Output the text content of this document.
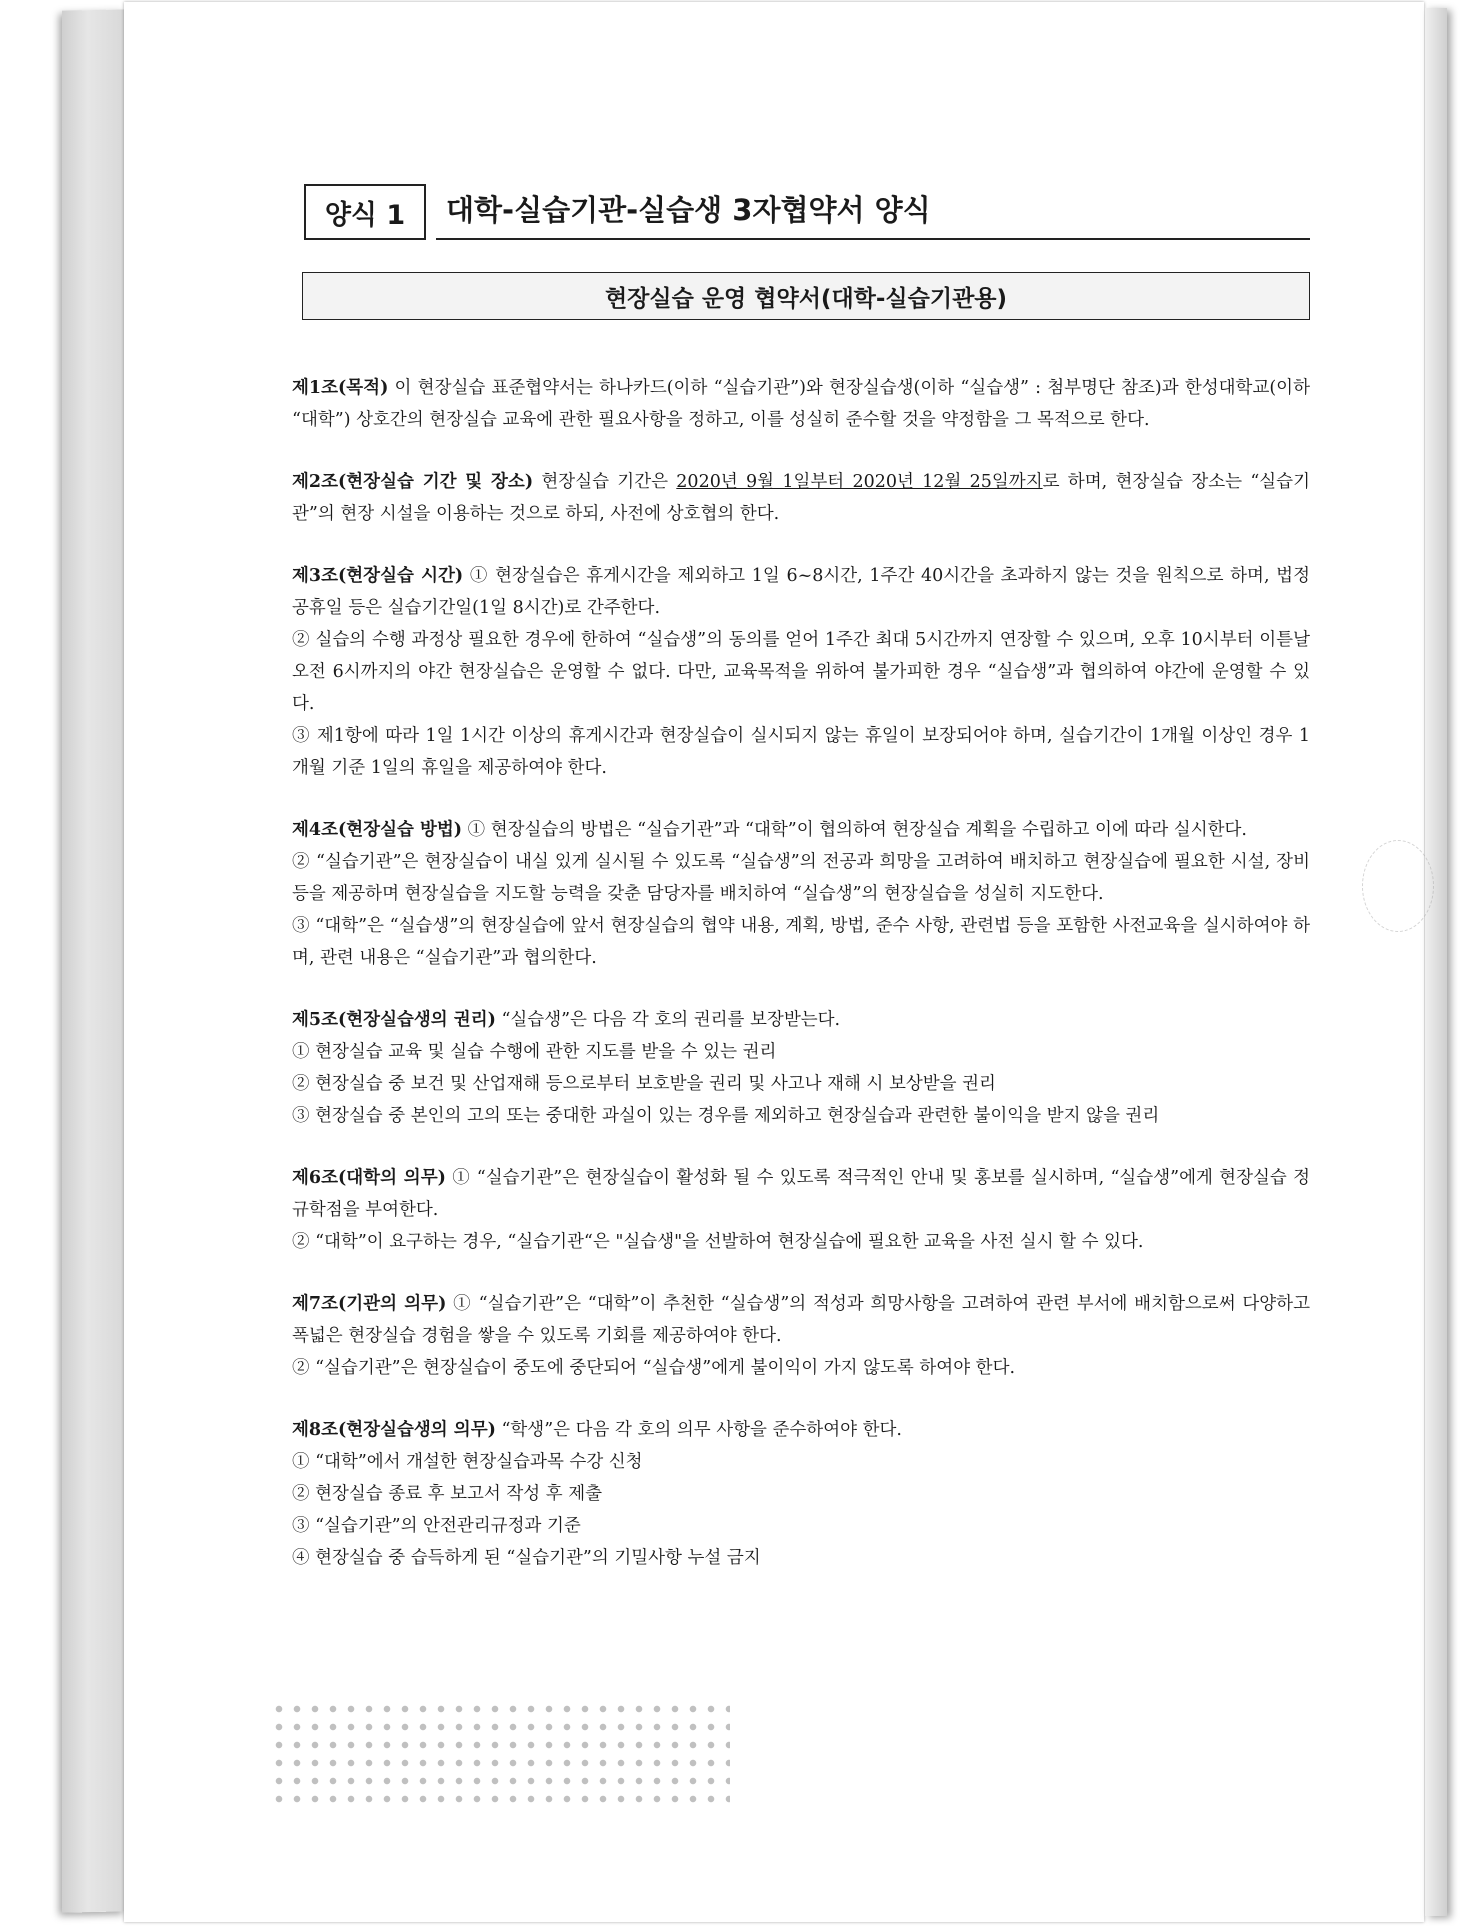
양식 1	대학-실습기관-실습생 3자협약서 양식
현장실습 운영 협약서(대학-실습기관용)

제1조(목적) 이 현장실습 표준협약서는 하나카드(이하 “실습기관”)와 현장실습생(이하 “실습생” : 첨부명단 참조)과 한성대학교(이하 “대학”) 상호간의 현장실습 교육에 관한 필요사항을 정하고, 이를 성실히 준수할 것을 약정함을 그 목적으로 한다.

제2조(현장실습 기간 및 장소) 현장실습 기간은 2020년 9월 1일부터 2020년 12월 25일까지로 하며, 현장실습 장소는 “실습기관”의 현장 시설을 이용하는 것으로 하되, 사전에 상호협의 한다.

제3조(현장실습 시간) ① 현장실습은 휴게시간을 제외하고 1일 6~8시간, 1주간 40시간을 초과하지 않는 것을 원칙으로 하며, 법정 공휴일 등은 실습기간일(1일 8시간)로 간주한다.

② 실습의 수행 과정상 필요한 경우에 한하여 “실습생”의 동의를 얻어 1주간 최대 5시간까지 연장할 수 있으며, 오후 10시부터 이튿날 오전 6시까지의 야간 현장실습은 운영할 수 없다. 다만, 교육목적을 위하여 불가피한 경우 “실습생”과 협의하여 야간에 운영할 수 있다.

③ 제1항에 따라 1일 1시간 이상의 휴게시간과 현장실습이 실시되지 않는 휴일이 보장되어야 하며, 실습기간이 1개월 이상인 경우 1개월 기준 1일의 휴일을 제공하여야 한다.

제4조(현장실습 방법) ① 현장실습의 방법은 “실습기관”과 “대학”이 협의하여 현장실습 계획을 수립하고 이에 따라 실시한다.

② “실습기관”은 현장실습이 내실 있게 실시될 수 있도록 “실습생”의 전공과 희망을 고려하여 배치하고 현장실습에 필요한 시설, 장비 등을 제공하며 현장실습을 지도할 능력을 갖춘 담당자를 배치하여 “실습생”의 현장실습을 성실히 지도한다.

③ “대학”은 “실습생”의 현장실습에 앞서 현장실습의 협약 내용, 계획, 방법, 준수 사항, 관련법 등을 포함한 사전교육을 실시하여야 하며, 관련 내용은 “실습기관”과 협의한다.

제5조(현장실습생의 권리) “실습생”은 다음 각 호의 권리를 보장받는다.

① 현장실습 교육 및 실습 수행에 관한 지도를 받을 수 있는 권리

② 현장실습 중 보건 및 산업재해 등으로부터 보호받을 권리 및 사고나 재해 시 보상받을 권리

③ 현장실습 중 본인의 고의 또는 중대한 과실이 있는 경우를 제외하고 현장실습과 관련한 불이익을 받지 않을 권리

제6조(대학의 의무) ① “실습기관”은 현장실습이 활성화 될 수 있도록 적극적인 안내 및 홍보를 실시하며, “실습생”에게 현장실습 정규학점을 부여한다.

② “대학”이 요구하는 경우, “실습기관“은 "실습생"을 선발하여 현장실습에 필요한 교육을 사전 실시 할 수 있다.

제7조(기관의 의무) ① “실습기관”은 “대학”이 추천한 “실습생”의 적성과 희망사항을 고려하여 관련 부서에 배치함으로써 다양하고 폭넓은 현장실습 경험을 쌓을 수 있도록 기회를 제공하여야 한다.

② “실습기관”은 현장실습이 중도에 중단되어 “실습생”에게 불이익이 가지 않도록 하여야 한다.

제8조(현장실습생의 의무) “학생”은 다음 각 호의 의무 사항을 준수하여야 한다.

① “대학”에서 개설한 현장실습과목 수강 신청

② 현장실습 종료 후 보고서 작성 후 제출

③ “실습기관”의 안전관리규정과 기준

④ 현장실습 중 습득하게 된 “실습기관”의 기밀사항 누설 금지
